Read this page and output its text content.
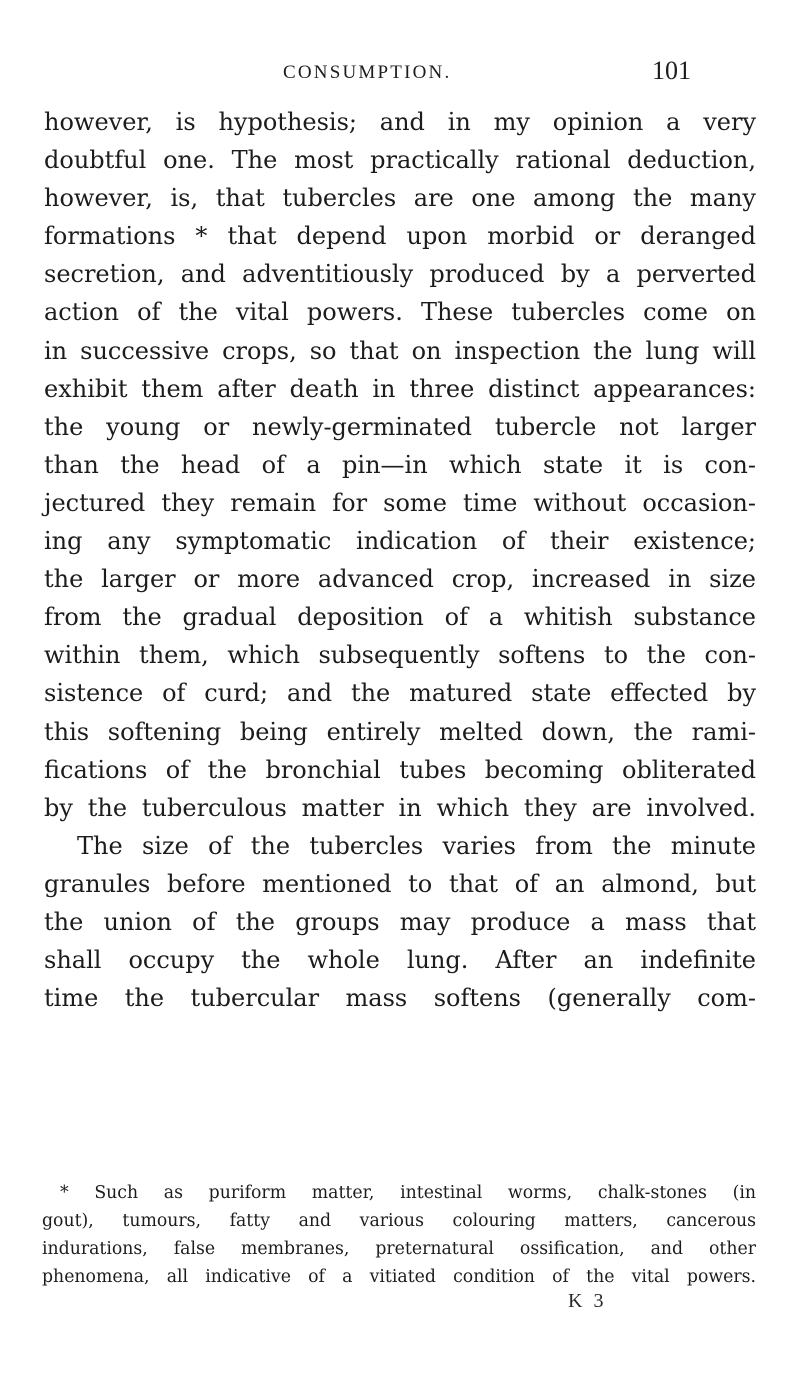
CONSUMPTION.	101
however, is hypothesis; and in my opinion a very
doubtful one. The most practically rational deduction,
however, is, that tubercles are one among the many
formations * that depend upon morbid or deranged
secretion, and adventitiously produced by a perverted
action of the vital powers. These tubercles come on
in successive crops, so that on inspection the lung will
exhibit them after death in three distinct appearances:
the young or newly-germinated tubercle not larger
than the head of a pin—in which state it is con-
jectured they remain for some time without occasion-
ing any symptomatic indication of their existence;
the larger or more advanced crop, increased in size
from the gradual deposition of a whitish substance
within them, which subsequently softens to the con-
sistence of curd; and the matured state effected by
this softening being entirely melted down, the rami-
fications of the bronchial tubes becoming obliterated
by the tuberculous matter in which they are involved.
The size of the tubercles varies from the minute
granules before mentioned to that of an almond, but
the union of the groups may produce a mass that
shall occupy the whole lung. After an indefinite
time the tubercular mass softens (generally com-
* Such as puriform matter, intestinal worms, chalk-stones (in
gout), tumours, fatty and various colouring matters, cancerous
indurations, false membranes, preternatural ossification, and other
phenomena, all indicative of a vitiated condition of the vital powers.
K 3
